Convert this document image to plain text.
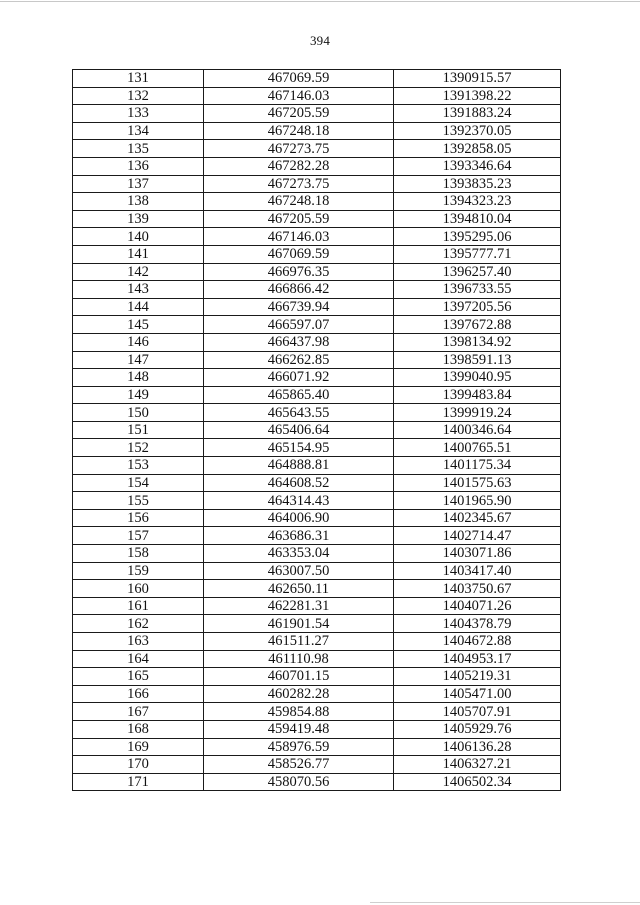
394
131	467069.59	1390915.57
132	467146.03	1391398.22
133	467205.59	1391883.24
134	467248.18	1392370.05
135	467273.75	1392858.05
136	467282.28	1393346.64
137	467273.75	1393835.23
138	467248.18	1394323.23
139	467205.59	1394810.04
140	467146.03	1395295.06
141	467069.59	1395777.71
142	466976.35	1396257.40
143	466866.42	1396733.55
144	466739.94	1397205.56
145	466597.07	1397672.88
146	466437.98	1398134.92
147	466262.85	1398591.13
148	466071.92	1399040.95
149	465865.40	1399483.84
150	465643.55	1399919.24
151	465406.64	1400346.64
152	465154.95	1400765.51
153	464888.81	1401175.34
154	464608.52	1401575.63
155	464314.43	1401965.90
156	464006.90	1402345.67
157	463686.31	1402714.47
158	463353.04	1403071.86
159	463007.50	1403417.40
160	462650.11	1403750.67
161	462281.31	1404071.26
162	461901.54	1404378.79
163	461511.27	1404672.88
164	461110.98	1404953.17
165	460701.15	1405219.31
166	460282.28	1405471.00
167	459854.88	1405707.91
168	459419.48	1405929.76
169	458976.59	1406136.28
170	458526.77	1406327.21
171	458070.56	1406502.34
